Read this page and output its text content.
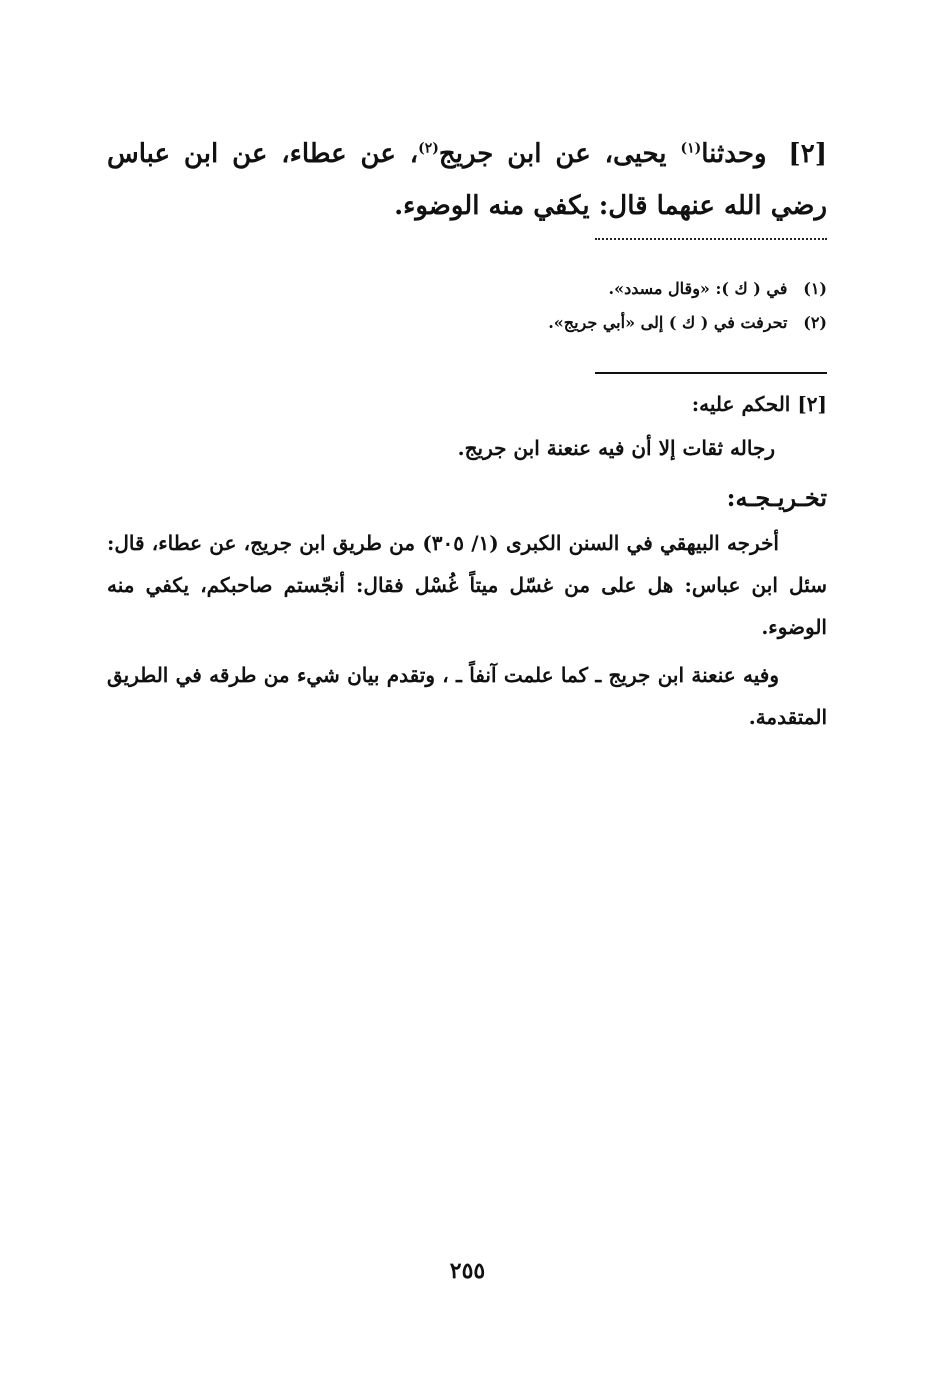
[٢] وحدثنا$^{(١)}$ يحيى، عن ابن جريج$^{(٢)}$، عن عطاء، عن ابن عباس رضي الله عنهما قال: يكفي منه الوضوء.
(١) في ( ك ): «وقال مسدد».
(٢) تحرفت في ( ك ) إلى «أبي جريج».
[٢] الحكم عليه:
رجاله ثقات إلا أن فيه عنعنة ابن جريج.
تخـريـجـه:

أخرجه البيهقي في السنن الكبرى (١/ ٣٠٥) من طريق ابن جريج، عن عطاء، قال: سئل ابن عباس: هل على من غسّل ميتاً غُسْل فقال: أنجّستم صاحبكم، يكفي منه الوضوء.

وفيه عنعنة ابن جريج ـ كما علمت آنفاً ـ ، وتقدم بيان شيء من طرقه في الطريق المتقدمة.

٢٥٥
